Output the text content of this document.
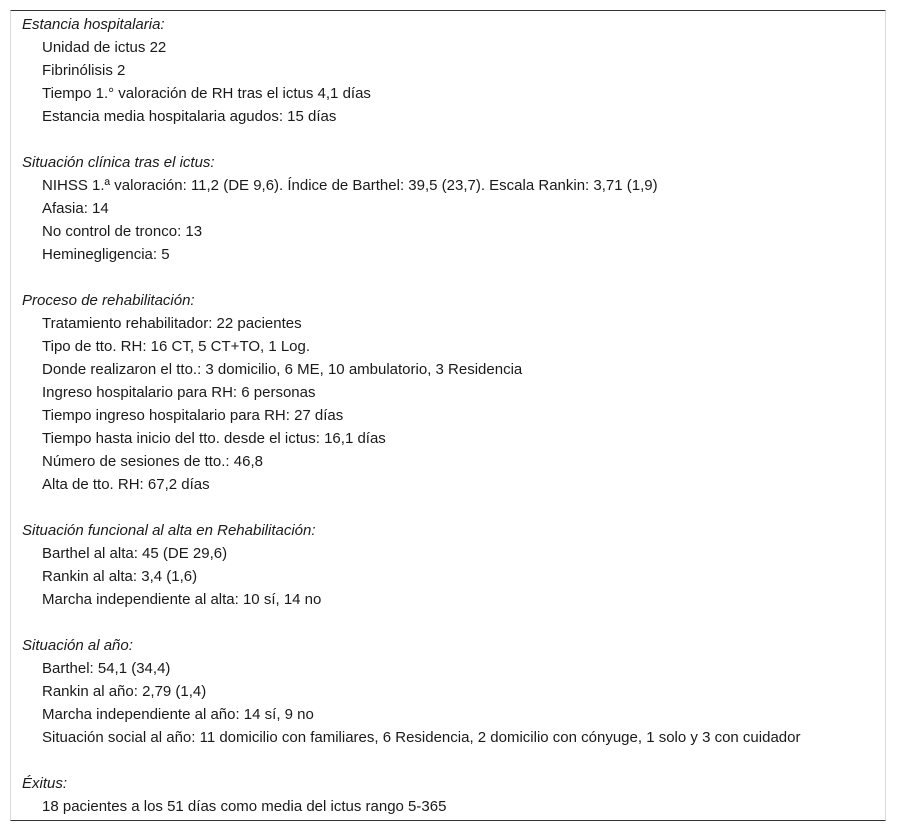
Estancia hospitalaria:
Unidad de ictus 22
Fibrinólisis 2
Tiempo 1.° valoración de RH tras el ictus 4,1 días
Estancia media hospitalaria agudos: 15 días
Situación clínica tras el ictus:
NIHSS 1.ª valoración: 11,2 (DE 9,6). Índice de Barthel: 39,5 (23,7). Escala Rankin: 3,71 (1,9)
Afasia: 14
No control de tronco: 13
Heminegligencia: 5
Proceso de rehabilitación:
Tratamiento rehabilitador: 22 pacientes
Tipo de tto. RH: 16 CT, 5 CT+TO, 1 Log.
Donde realizaron el tto.: 3 domicilio, 6 ME, 10 ambulatorio, 3 Residencia
Ingreso hospitalario para RH: 6 personas
Tiempo ingreso hospitalario para RH: 27 días
Tiempo hasta inicio del tto. desde el ictus: 16,1 días
Número de sesiones de tto.: 46,8
Alta de tto. RH: 67,2 días
Situación funcional al alta en Rehabilitación:
Barthel al alta: 45 (DE 29,6)
Rankin al alta: 3,4 (1,6)
Marcha independiente al alta: 10 sí, 14 no
Situación al año:
Barthel: 54,1 (34,4)
Rankin al año: 2,79 (1,4)
Marcha independiente al año: 14 sí, 9 no
Situación social al año: 11 domicilio con familiares, 6 Residencia, 2 domicilio con cónyuge, 1 solo y 3 con cuidador
Éxitus:
18 pacientes a los 51 días como media del ictus rango 5-365
